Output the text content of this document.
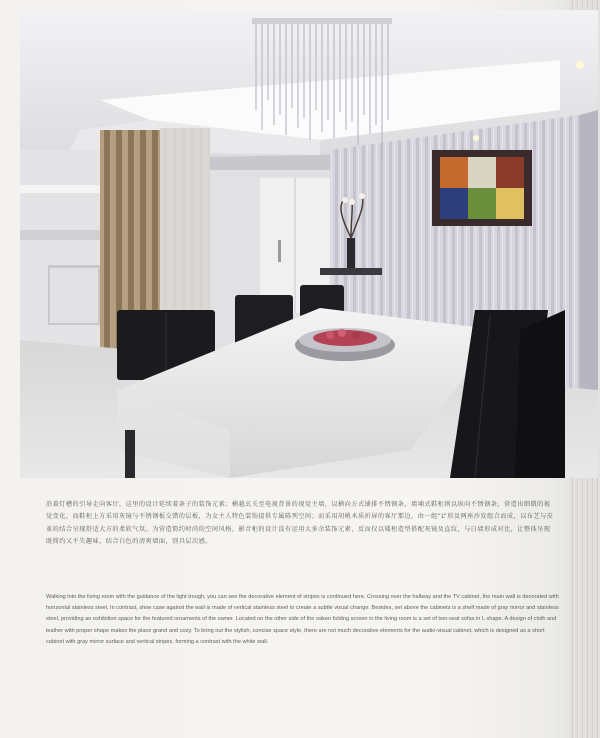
沿着灯槽的引导走向客厅，这里的设计延续着条子的装饰元素；横越玄关至电视背景的视觉主墙，以横向方式铺排不锈钢条，墙埔式鞋柜则以纵向不锈钢条，营造出细微的视觉变化，而鞋柜上方采用灰镜与不锈钢板交错的层板，为女主人特色装饰提供专属陈列空间；而采用胡桃木质折屏的客厅那边，由一组“L”形及两座沙发组合而成，以布艺与皮革的结合呈现舒适大方的柔软气氛。为营造简约时尚的空间风格，影音柜的设计没有运用大多余装饰元素，反而仅以矮柜造型搭配灰镜及直纹，与白墙形成对比，让整体呈现既简约又不失趣味，结合白色的清爽墙面，别具层次感。

Walking into the living room with the guidance of the light trough, you can see the decorative element of stripes is continued here. Crossing over the hallway and the TV cabinet, the main wall is decorated with horizontal stainless steel. In contrast, shoe case against the wall is made of vertical stainless steel to create a subtle visual change. Besides, set above the cabinets is a shelf made of gray mirror and stainless steel, providing an exhibition space for the featured ornaments of the owner. Located on the other side of the oaken folding screen in the living room is a set of two-seat sofas in L shape. A design of cloth and leather with proper shape makes the place grand and cozy. To bring out the stylish, concise space style, there are not much decorative elements for the audio-visual cabinet, which is designed as a short cabinet with gray mirror surface and vertical stripes, forming a contrast with the white wall.
